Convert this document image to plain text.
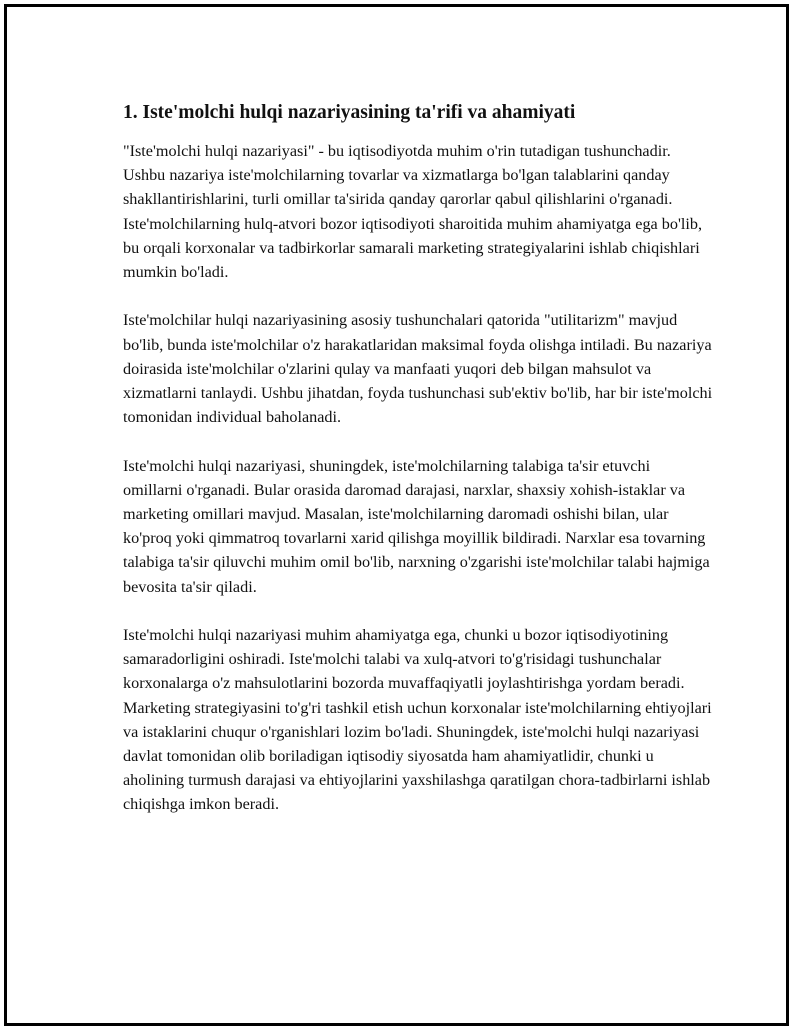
1. Iste'molchi hulqi nazariyasining ta'rifi va ahamiyati

"Iste'molchi hulqi nazariyasi" - bu iqtisodiyotda muhim o'rin tutadigan tushunchadir. Ushbu nazariya iste'molchilarning tovarlar va xizmatlarga bo'lgan talablarini qanday shakllantirishlarini, turli omillar ta'sirida qanday qarorlar qabul qilishlarini o'rganadi. Iste'molchilarning hulq-atvori bozor iqtisodiyoti sharoitida muhim ahamiyatga ega bo'lib, bu orqali korxonalar va tadbirkorlar samarali marketing strategiyalarini ishlab chiqishlari mumkin bo'ladi.

Iste'molchilar hulqi nazariyasining asosiy tushunchalari qatorida "utilitarizm" mavjud bo'lib, bunda iste'molchilar o'z harakatlaridan maksimal foyda olishga intiladi. Bu nazariya doirasida iste'molchilar o'zlarini qulay va manfaati yuqori deb bilgan mahsulot va xizmatlarni tanlaydi. Ushbu jihatdan, foyda tushunchasi sub'ektiv bo'lib, har bir iste'molchi tomonidan individual baholanadi.

Iste'molchi hulqi nazariyasi, shuningdek, iste'molchilarning talabiga ta'sir etuvchi omillarni o'rganadi. Bular orasida daromad darajasi, narxlar, shaxsiy xohish-istaklar va marketing omillari mavjud. Masalan, iste'molchilarning daromadi oshishi bilan, ular ko'proq yoki qimmatroq tovarlarni xarid qilishga moyillik bildiradi. Narxlar esa tovarning talabiga ta'sir qiluvchi muhim omil bo'lib, narxning o'zgarishi iste'molchilar talabi hajmiga bevosita ta'sir qiladi.

Iste'molchi hulqi nazariyasi muhim ahamiyatga ega, chunki u bozor iqtisodiyotining samaradorligini oshiradi. Iste'molchi talabi va xulq-atvori to'g'risidagi tushunchalar korxonalarga o'z mahsulotlarini bozorda muvaffaqiyatli joylashtirishga yordam beradi. Marketing strategiyasini to'g'ri tashkil etish uchun korxonalar iste'molchilarning ehtiyojlari va istaklarini chuqur o'rganishlari lozim bo'ladi. Shuningdek, iste'molchi hulqi nazariyasi davlat tomonidan olib boriladigan iqtisodiy siyosatda ham ahamiyatlidir, chunki u aholining turmush darajasi va ehtiyojlarini yaxshilashga qaratilgan chora-tadbirlarni ishlab chiqishga imkon beradi.
